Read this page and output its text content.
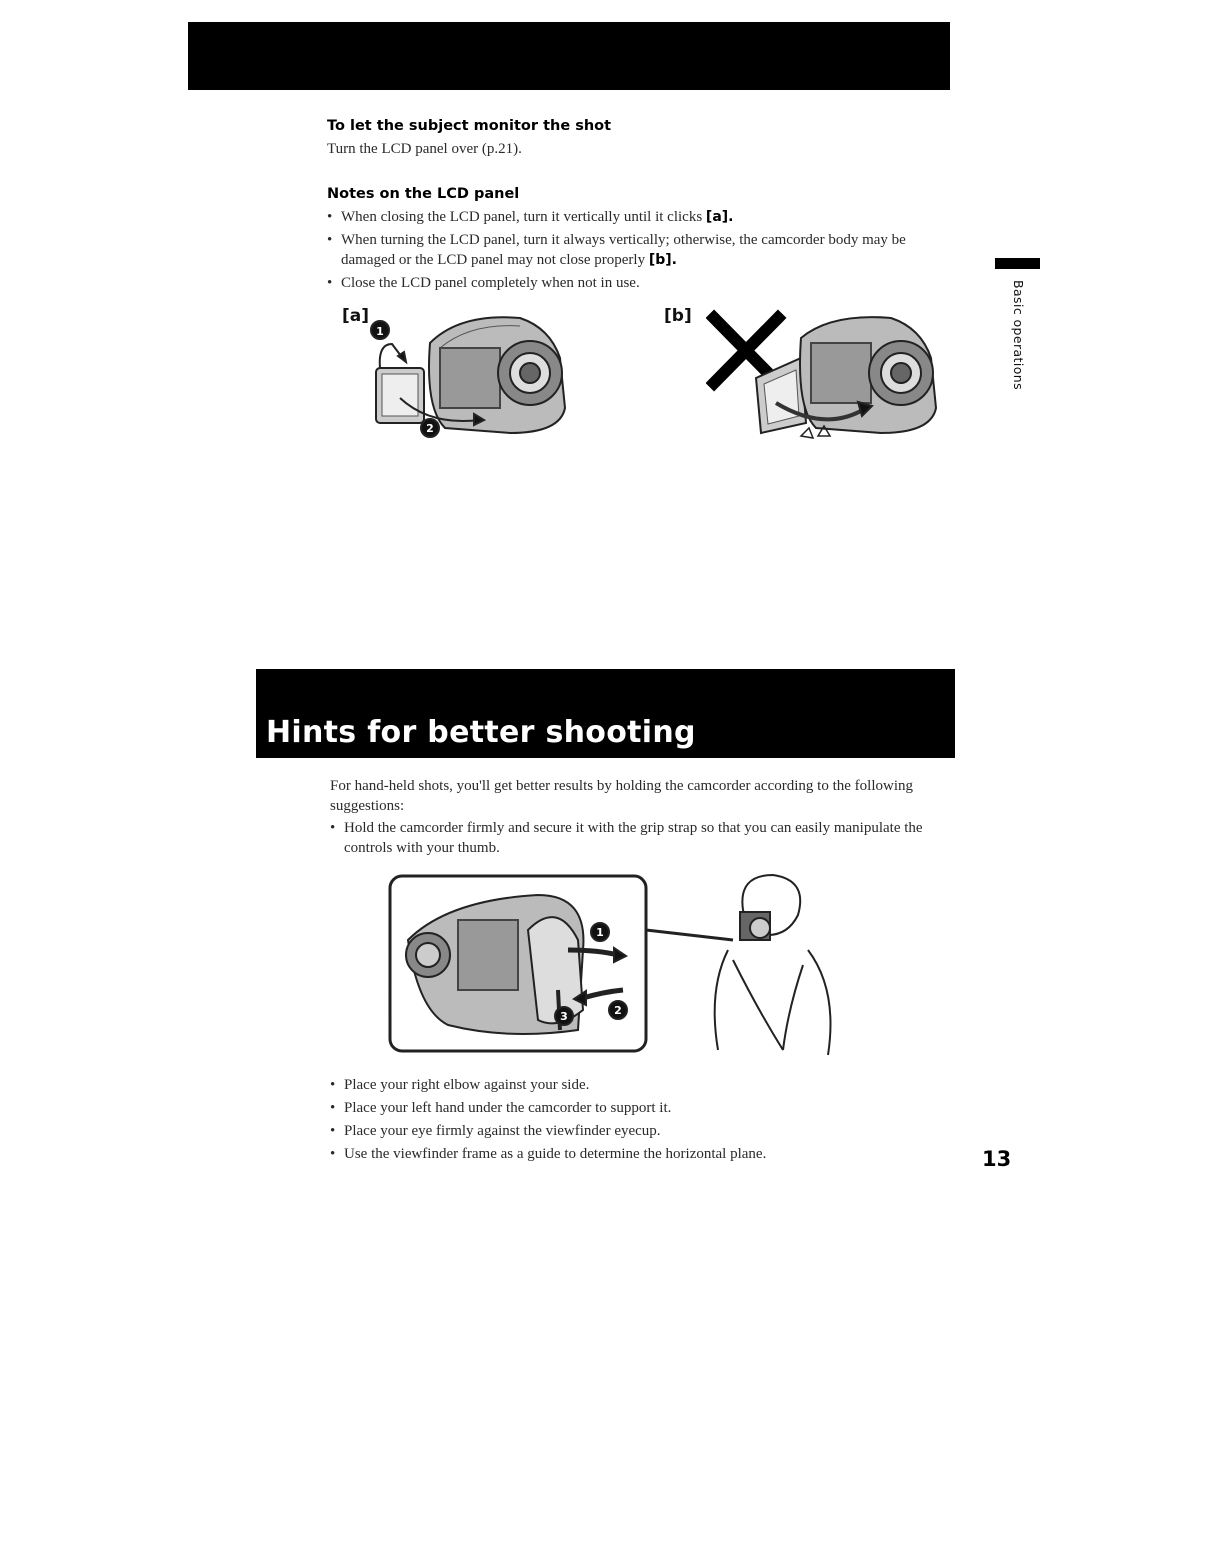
To let the subject monitor the shot
Turn the LCD panel over (p.21).
Notes on the LCD panel
• When closing the LCD panel, turn it vertically until it clicks [a].
• When turning the LCD panel, turn it always vertically; otherwise, the camcorder body may be damaged or the LCD panel may not close properly [b].
• Close the LCD panel completely when not in use.
[a]
1
2
[b]	Basic operations
Hints for better shooting
For hand-held shots, you'll get better results by holding the camcorder according to the following suggestions:
• Hold the camcorder firmly and secure it with the grip strap so that you can easily manipulate the controls with your thumb.
1
2
3
• Place your right elbow against your side.
• Place your left hand under the camcorder to support it.
• Place your eye firmly against the viewfinder eyecup.
• Use the viewfinder frame as a guide to determine the horizontal plane.	13
